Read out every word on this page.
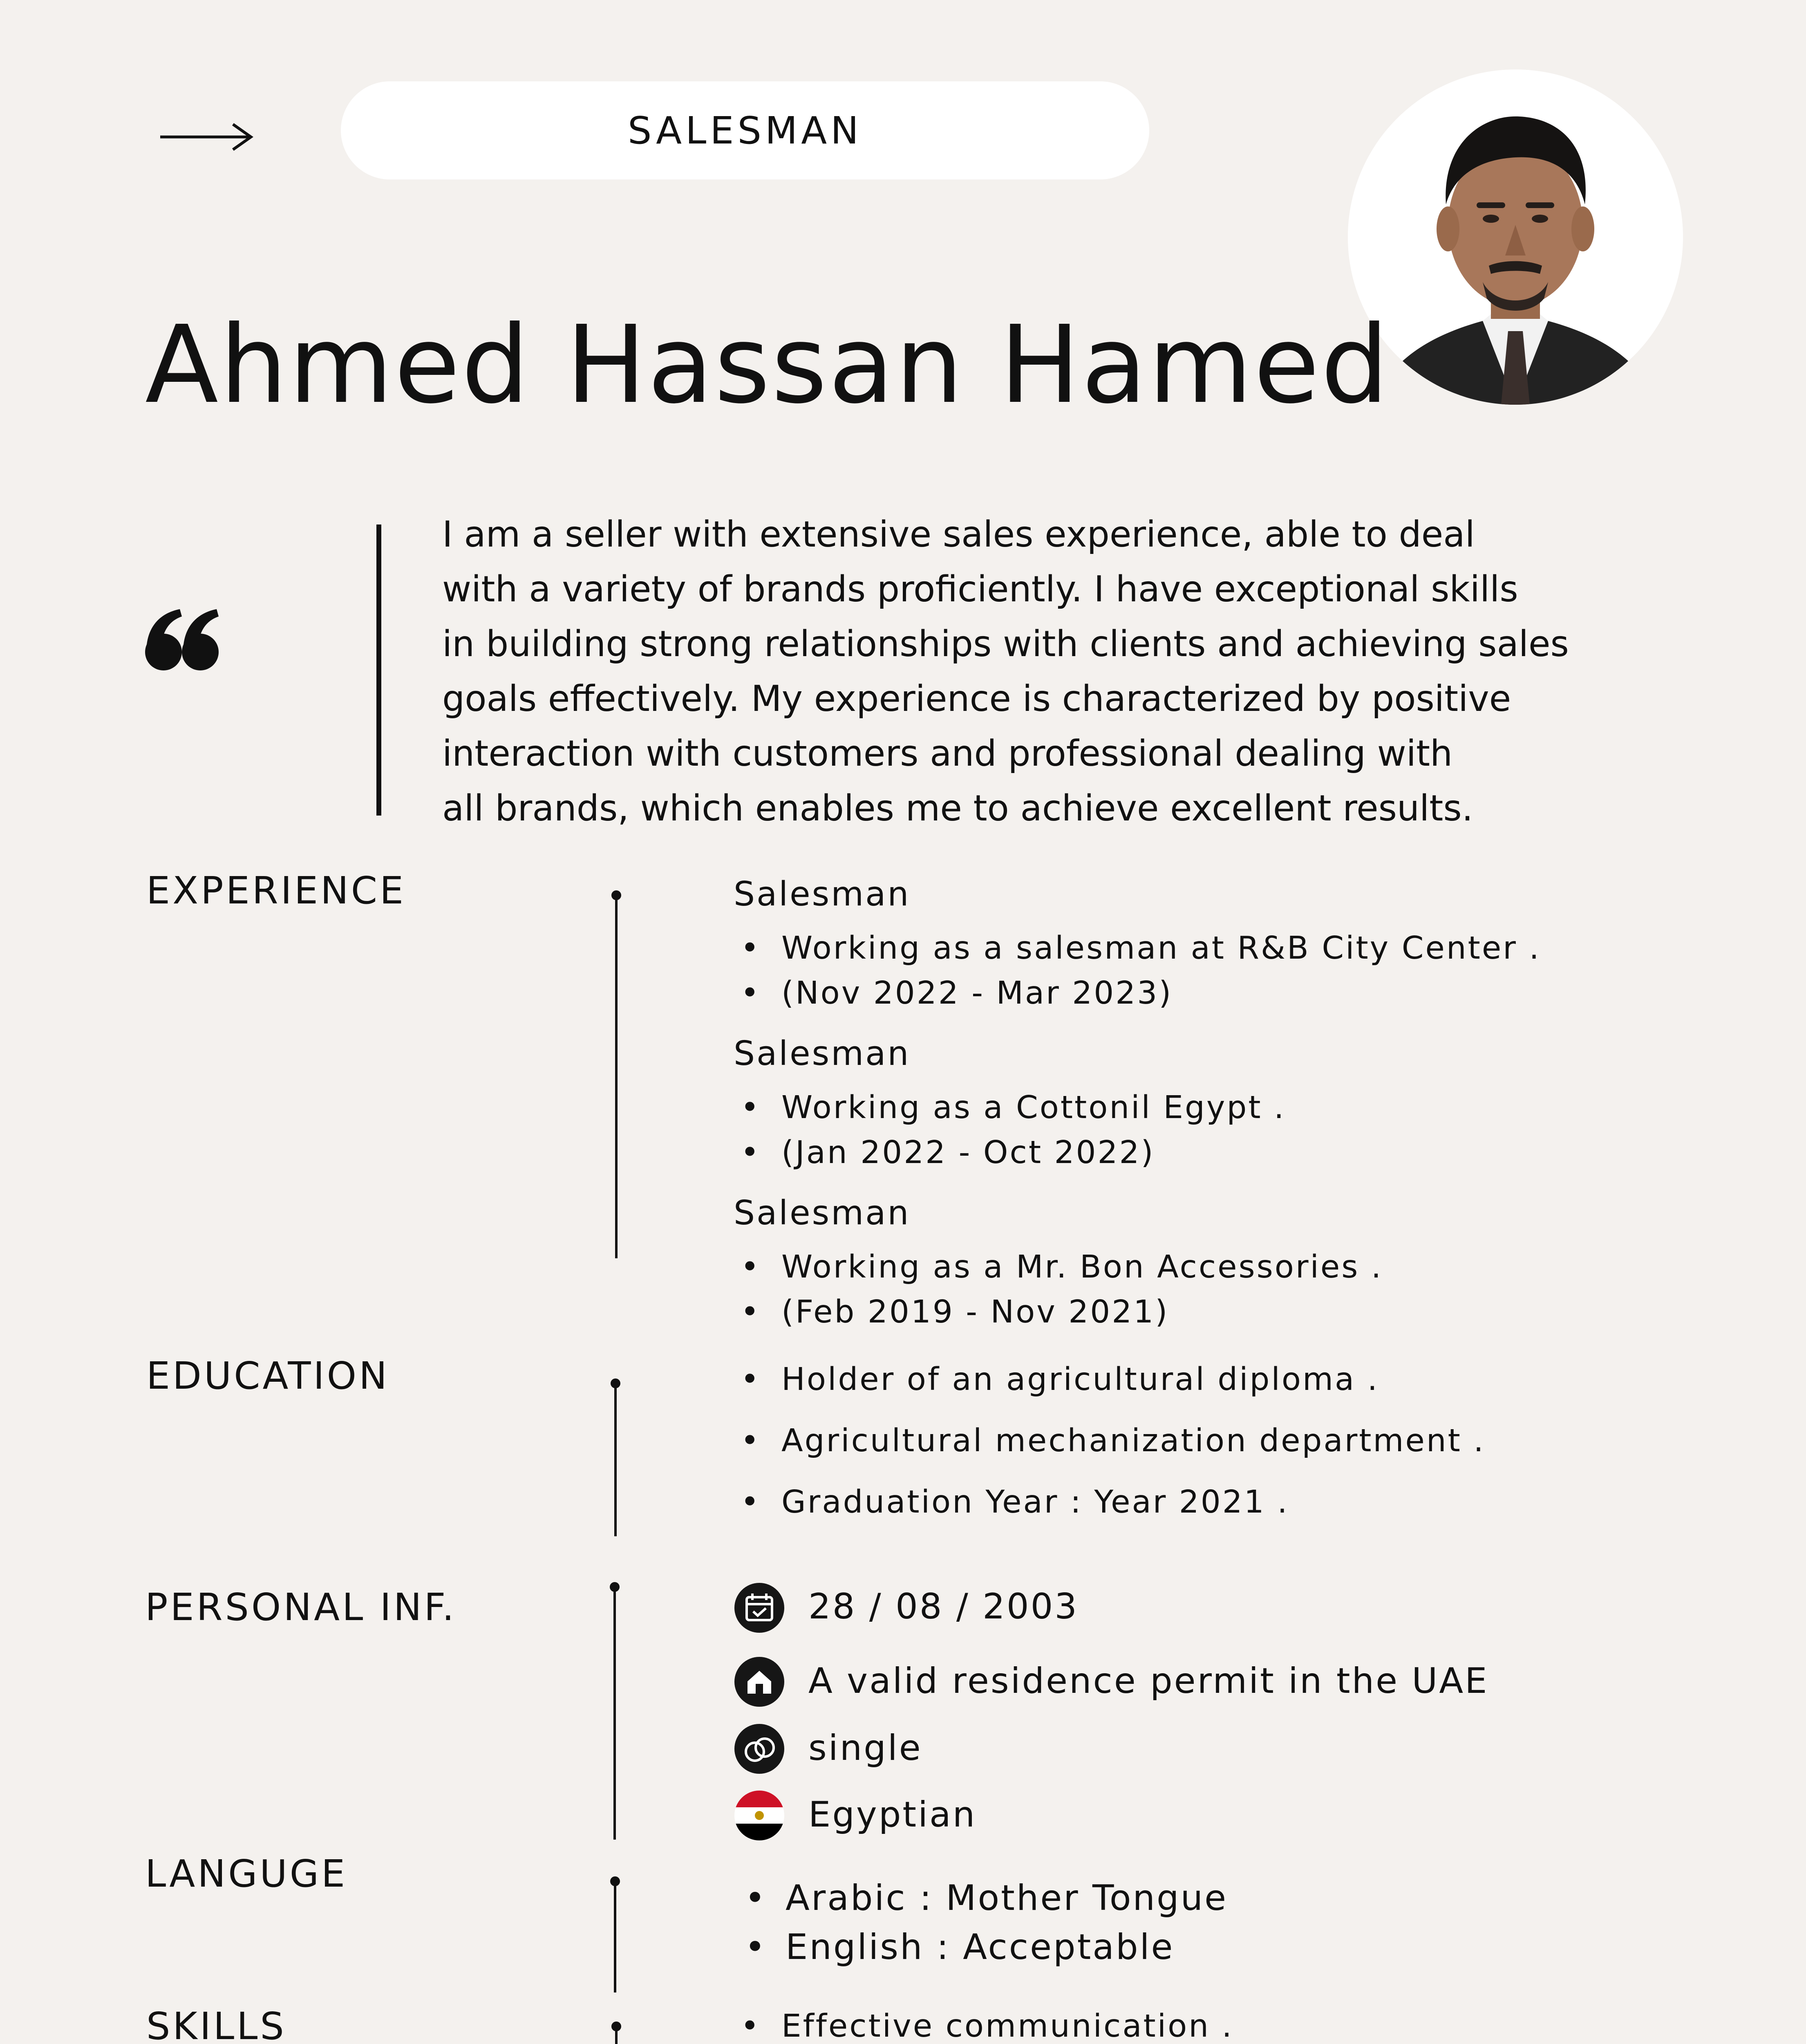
SALESMAN
Ahmed Hassan Hamed
I am a seller with extensive sales experience, able to deal
with a variety of brands proficiently. I have exceptional skills
in building strong relationships with clients and achieving sales
goals effectively. My experience is characterized by positive
interaction with customers and professional dealing with
all brands, which enables me to achieve excellent results.
EXPERIENCE	Salesman
• Working as a salesman at R&B City Center .
• (Nov 2022 - Mar 2023)
Salesman
• Working as a Cottonil Egypt .
• (Jan 2022 - Oct 2022)
Salesman
• Working as a Mr. Bon Accessories .
• (Feb 2019 - Nov 2021)
EDUCATION	• Holder of an agricultural diploma .
• Agricultural mechanization department .
• Graduation Year : Year 2021 .
PERSONAL INF.	28 / 08 / 2003
A valid residence permit in the UAE
single
Egyptian
LANGUGE
• Arabic : Mother Tongue
• English : Acceptable
SKILLS	• Effective communication .
